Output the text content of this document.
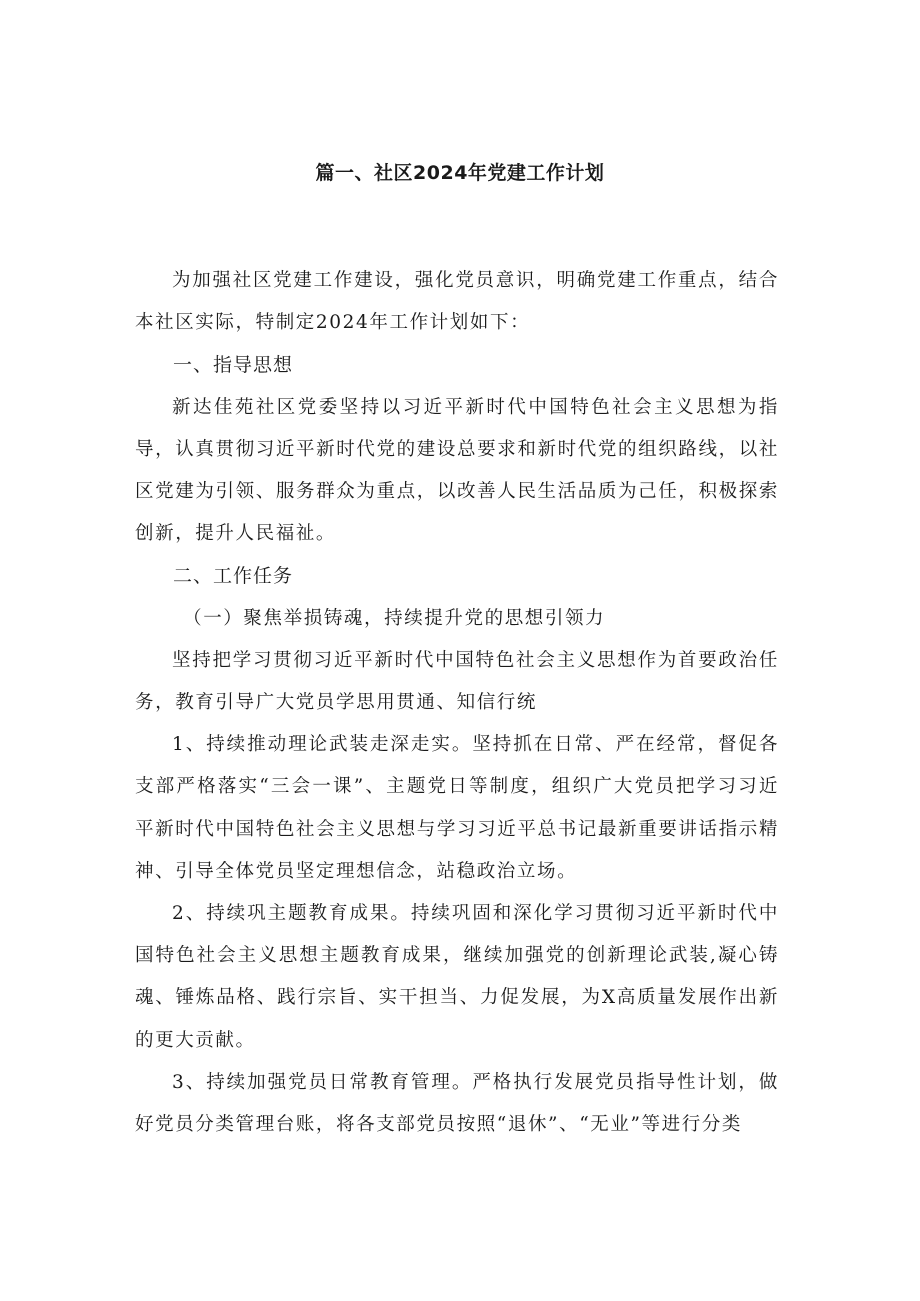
篇一、社区2024年党建工作计划

为加强社区党建工作建设，强化党员意识，明确党建工作重点，结合本社区实际，特制定2024年工作计划如下：

一、指导思想

新达佳苑社区党委坚持以习近平新时代中国特色社会主义思想为指导，认真贯彻习近平新时代党的建设总要求和新时代党的组织路线，以社区党建为引领、服务群众为重点，以改善人民生活品质为己任，积极探索创新，提升人民福祉。

二、工作任务

（一）聚焦举损铸魂，持续提升党的思想引领力

坚持把学习贯彻习近平新时代中国特色社会主义思想作为首要政治任务，教育引导广大党员学思用贯通、知信行统

1、持续推动理论武装走深走实。坚持抓在日常、严在经常，督促各支部严格落实“三会一课”、主题党日等制度，组织广大党员把学习习近平新时代中国特色社会主义思想与学习习近平总书记最新重要讲话指示精神、引导全体党员坚定理想信念，站稳政治立场。

2、持续巩主题教育成果。持续巩固和深化学习贯彻习近平新时代中国特色社会主义思想主题教育成果，继续加强党的创新理论武装,凝心铸魂、锤炼品格、践行宗旨、实干担当、力促发展，为X高质量发展作出新的更大贡献。

3、持续加强党员日常教育管理。严格执行发展党员指导性计划，做好党员分类管理台账，将各支部党员按照“退休”、“无业”等进行分类
